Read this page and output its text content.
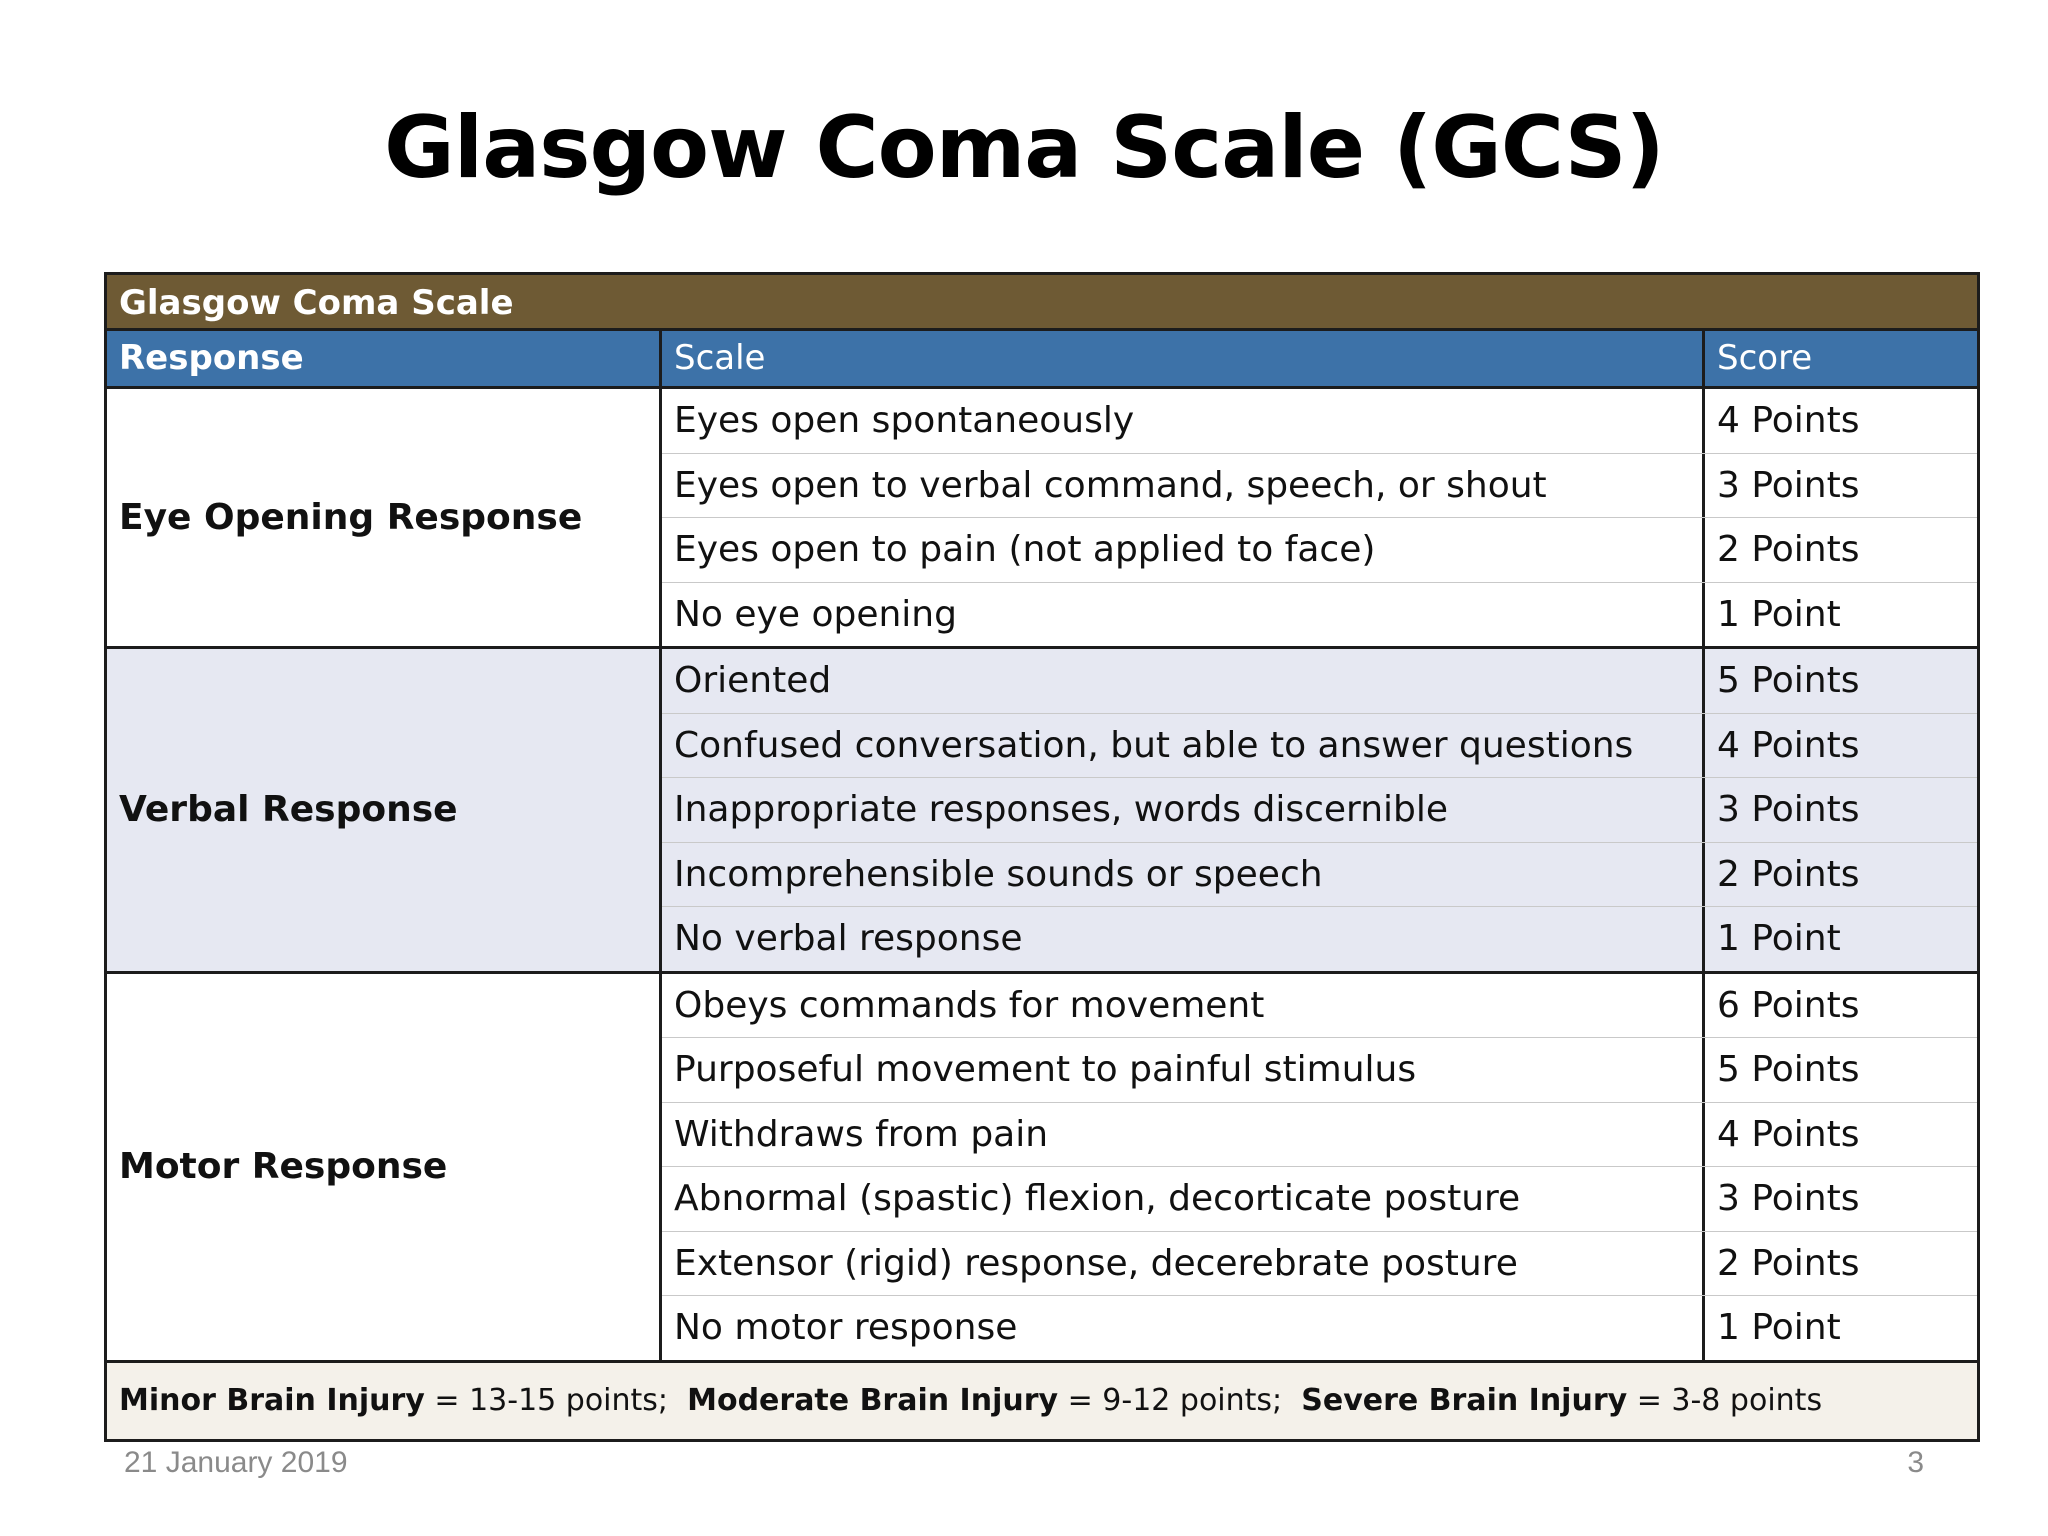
Glasgow Coma Scale (GCS)
Glasgow Coma Scale
Response	Scale	Score
Eye Opening Response
Eyes open spontaneously	4 Points
Eyes open to verbal command, speech, or shout	3 Points
Eyes open to pain (not applied to face)	2 Points
No eye opening	1 Point
Verbal Response
Oriented	5 Points
Confused conversation, but able to answer questions	4 Points
Inappropriate responses, words discernible	3 Points
Incomprehensible sounds or speech	2 Points
No verbal response	1 Point
Motor Response
Obeys commands for movement	6 Points
Purposeful movement to painful stimulus	5 Points
Withdraws from pain	4 Points
Abnormal (spastic) flexion, decorticate posture	3 Points
Extensor (rigid) response, decerebrate posture	2 Points
No motor response	1 Point
Minor Brain Injury = 13-15 points; Moderate Brain Injury = 9-12 points; Severe Brain Injury = 3-8 points
21 January 2019	3
